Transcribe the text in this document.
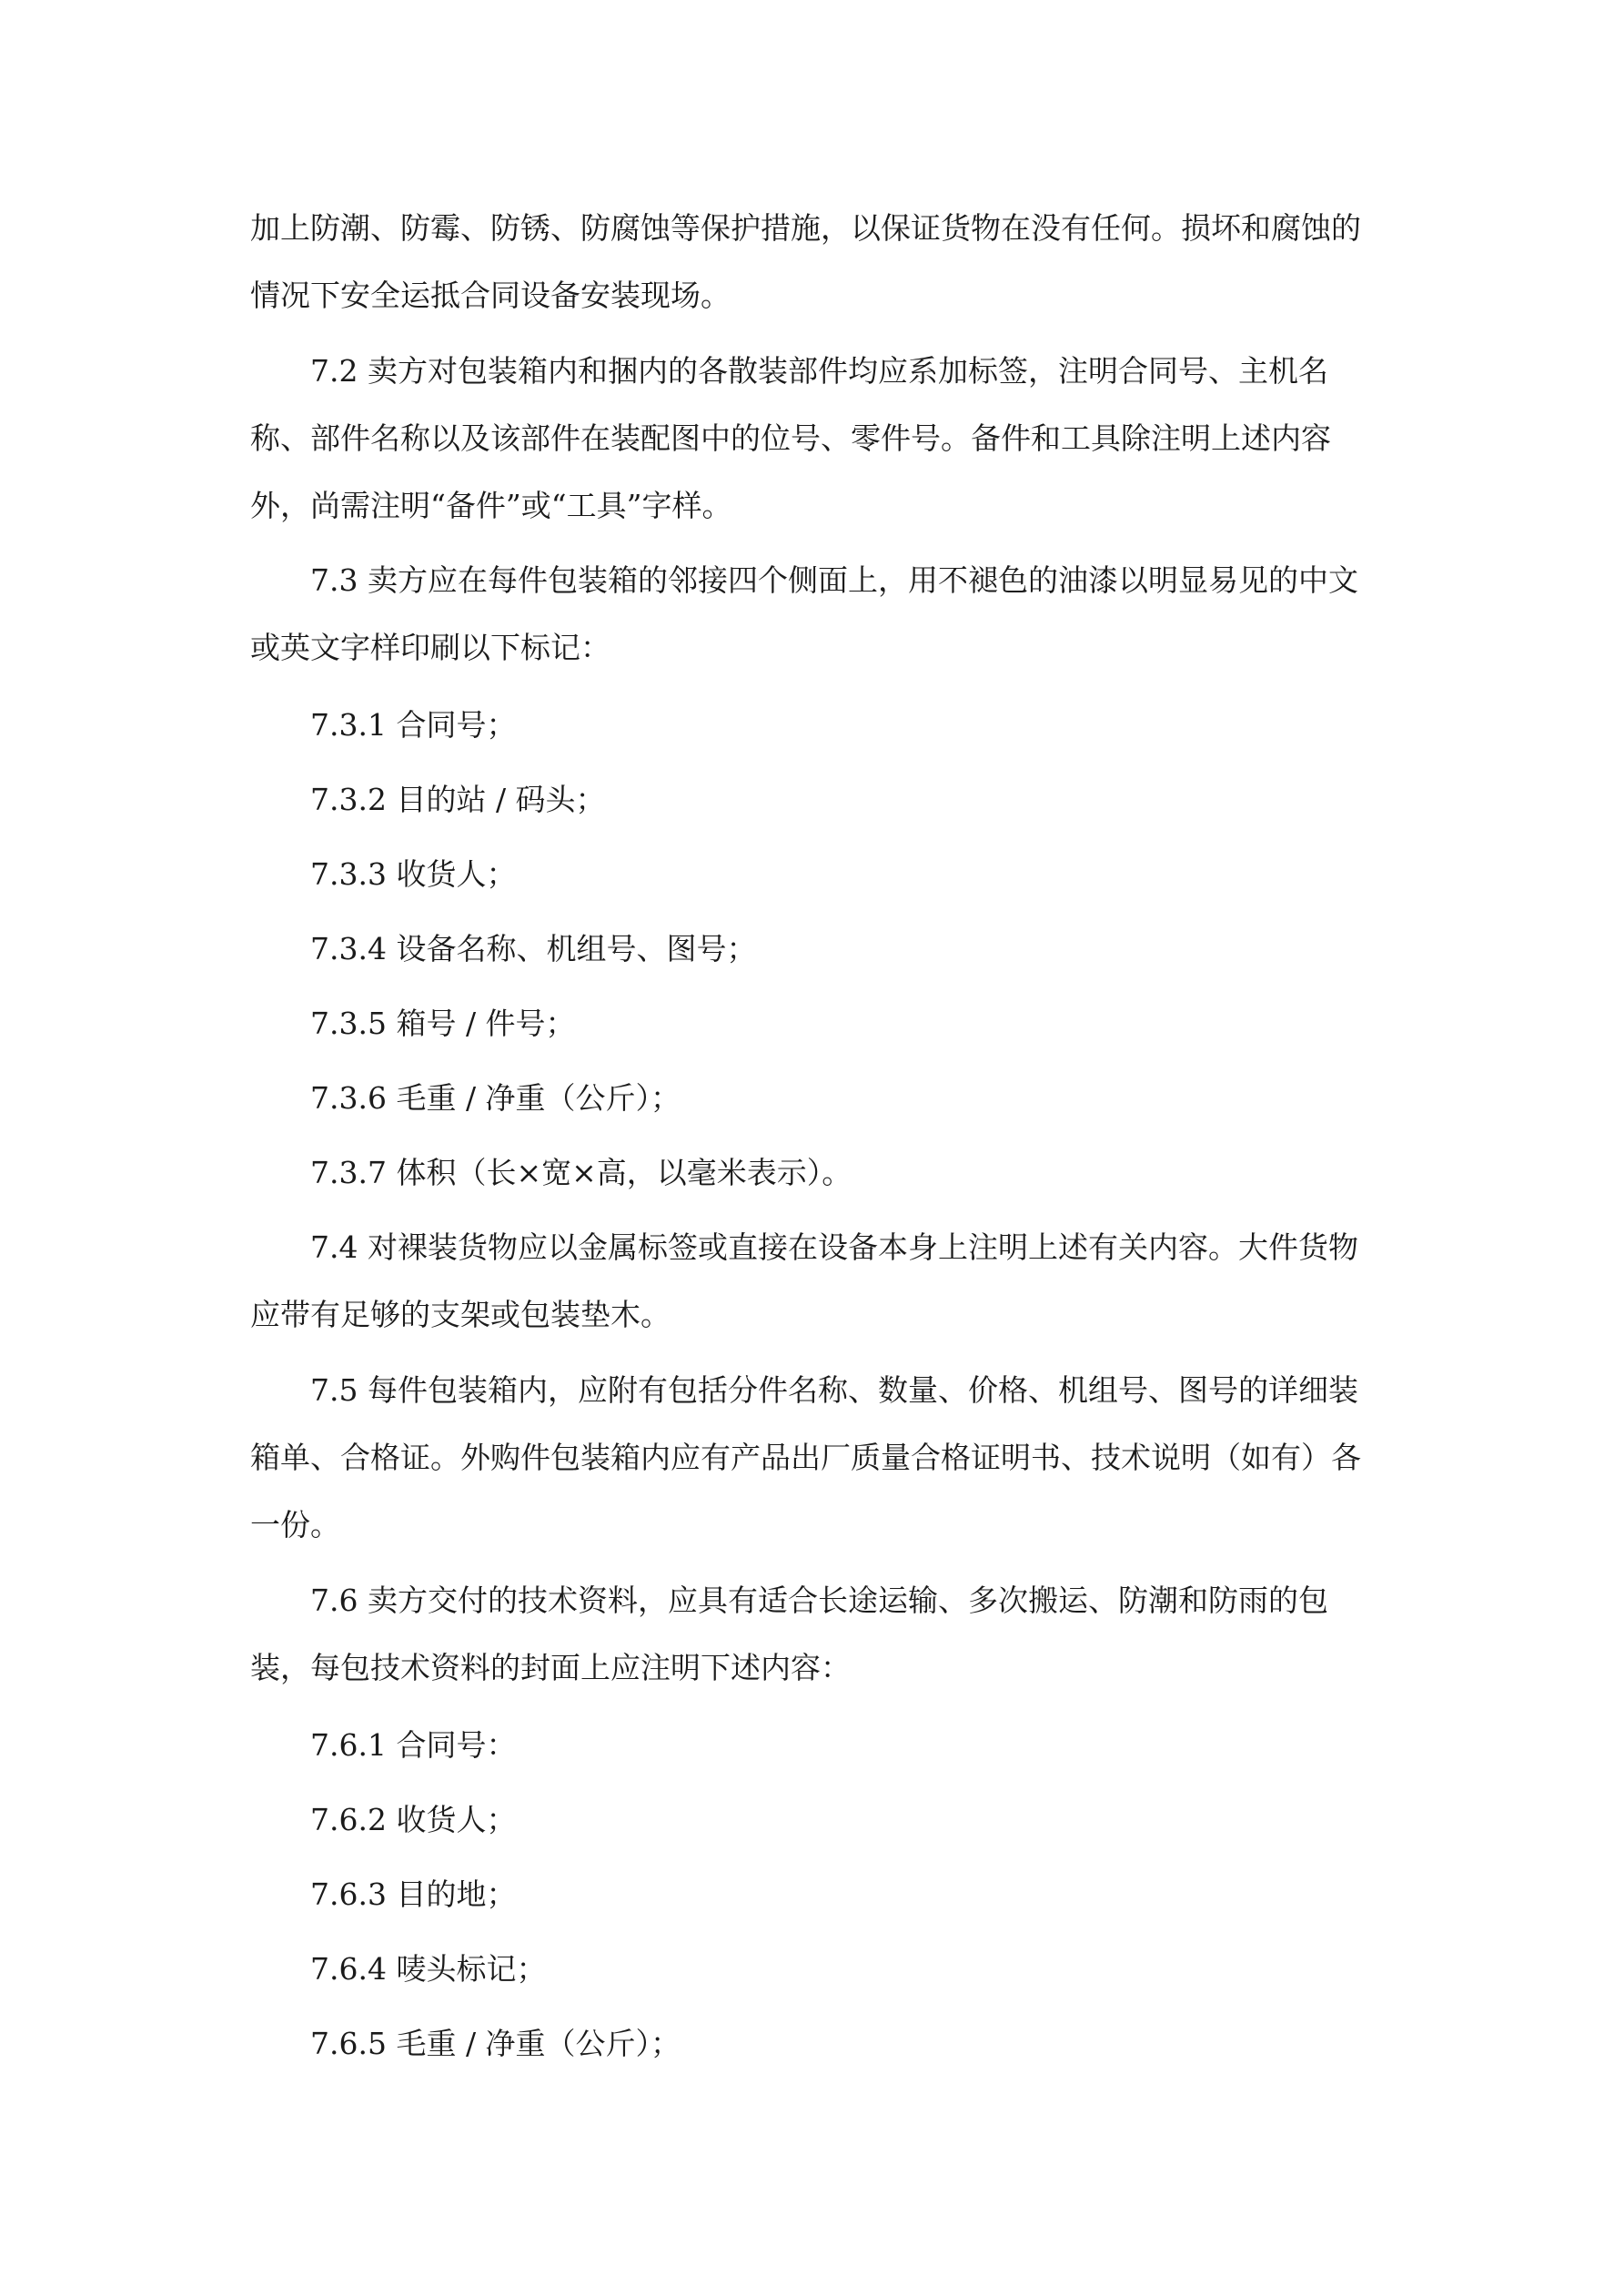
加上防潮、防霉、防锈、防腐蚀等保护措施，以保证货物在没有任何。损坏和腐蚀的情况下安全运抵合同设备安装现场。

7.2 卖方对包装箱内和捆内的各散装部件均应系加标签，注明合同号、主机名称、部件名称以及该部件在装配图中的位号、零件号。备件和工具除注明上述内容外，尚需注明“备件”或“工具”字样。

7.3 卖方应在每件包装箱的邻接四个侧面上，用不褪色的油漆以明显易见的中文或英文字样印刷以下标记：

7.3.1 合同号；

7.3.2 目的站 / 码头；

7.3.3 收货人；

7.3.4 设备名称、机组号、图号；

7.3.5 箱号 / 件号；

7.3.6 毛重 / 净重（公斤）；

7.3.7 体积（长×宽×高，以毫米表示）。

7.4 对裸装货物应以金属标签或直接在设备本身上注明上述有关内容。大件货物应带有足够的支架或包装垫木。

7.5 每件包装箱内，应附有包括分件名称、数量、价格、机组号、图号的详细装箱单、合格证。外购件包装箱内应有产品出厂质量合格证明书、技术说明（如有）各一份。

7.6 卖方交付的技术资料，应具有适合长途运输、多次搬运、防潮和防雨的包装，每包技术资料的封面上应注明下述内容：

7.6.1 合同号：

7.6.2 收货人；

7.6.3 目的地；

7.6.4 唛头标记；

7.6.5 毛重 / 净重（公斤）；
